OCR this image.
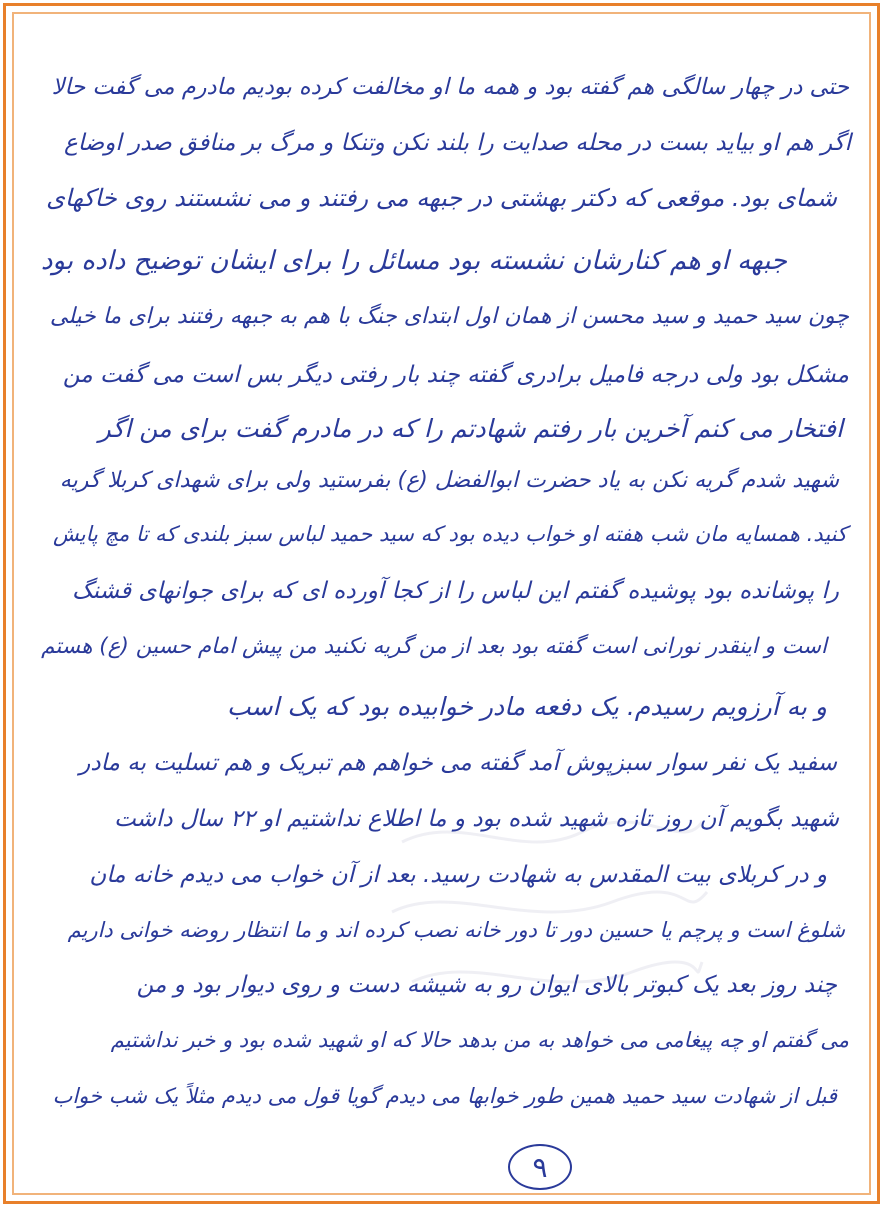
حتی در چهار سالگی هم گفته بود و همه ما او مخالفت کرده بودیم مادرم می گفت حالا
اگر هم او بیاید بست در محله صدایت را بلند نکن وتنکا و مرگ بر منافق صدر اوضاع
شمای بود. موقعی که دکتر بهشتی در جبهه می رفتند و می نشستند روی خاکهای
جبهه او هم کنارشان نشسته بود مسائل را برای ایشان توضیح داده بود
چون سید حمید و سید محسن از همان اول ابتدای جنگ با هم به جبهه رفتند برای ما خیلی
مشکل بود ولی درجه فامیل برادری گفته چند بار رفتی دیگر بس است می گفت من
افتخار می کنم آخرین بار رفتم شهادتم را که در مادرم گفت برای من اگر
شهید شدم گریه نکن به یاد حضرت ابوالفضل (ع) بفرستید ولی برای شهدای کربلا گریه
کنید. همسایه مان شب هفته او خواب دیده بود که سید حمید لباس سبز بلندی که تا مچ پایش
را پوشانده بود پوشیده گفتم این لباس را از کجا آورده ای که برای جوانهای قشنگ
است و اینقدر نورانی است گفته بود بعد از من گریه نکنید من پیش امام حسین (ع) هستم
و به آرزویم رسیدم. یک دفعه مادر خوابیده بود که یک اسب
سفید یک نفر سوار سبزپوش آمد گفته می خواهم هم تبریک و هم تسلیت به مادر
شهید بگویم آن روز تازه شهید شده بود و ما اطلاع نداشتیم او ۲۲ سال داشت
و در کربلای بیت المقدس به شهادت رسید. بعد از آن خواب می دیدم خانه مان
شلوغ است و پرچم یا حسین دور تا دور خانه نصب کرده اند و ما انتظار روضه خوانی داریم
چند روز بعد یک کبوتر بالای ایوان رو به شیشه دست و روی دیوار بود و من
می گفتم او چه پیغامی می خواهد به من بدهد حالا که او شهید شده بود و خبر نداشتیم
قبل از شهادت سید حمید همین طور خوابها می دیدم گویا قول می دیدم مثلاً یک شب خواب
۹
